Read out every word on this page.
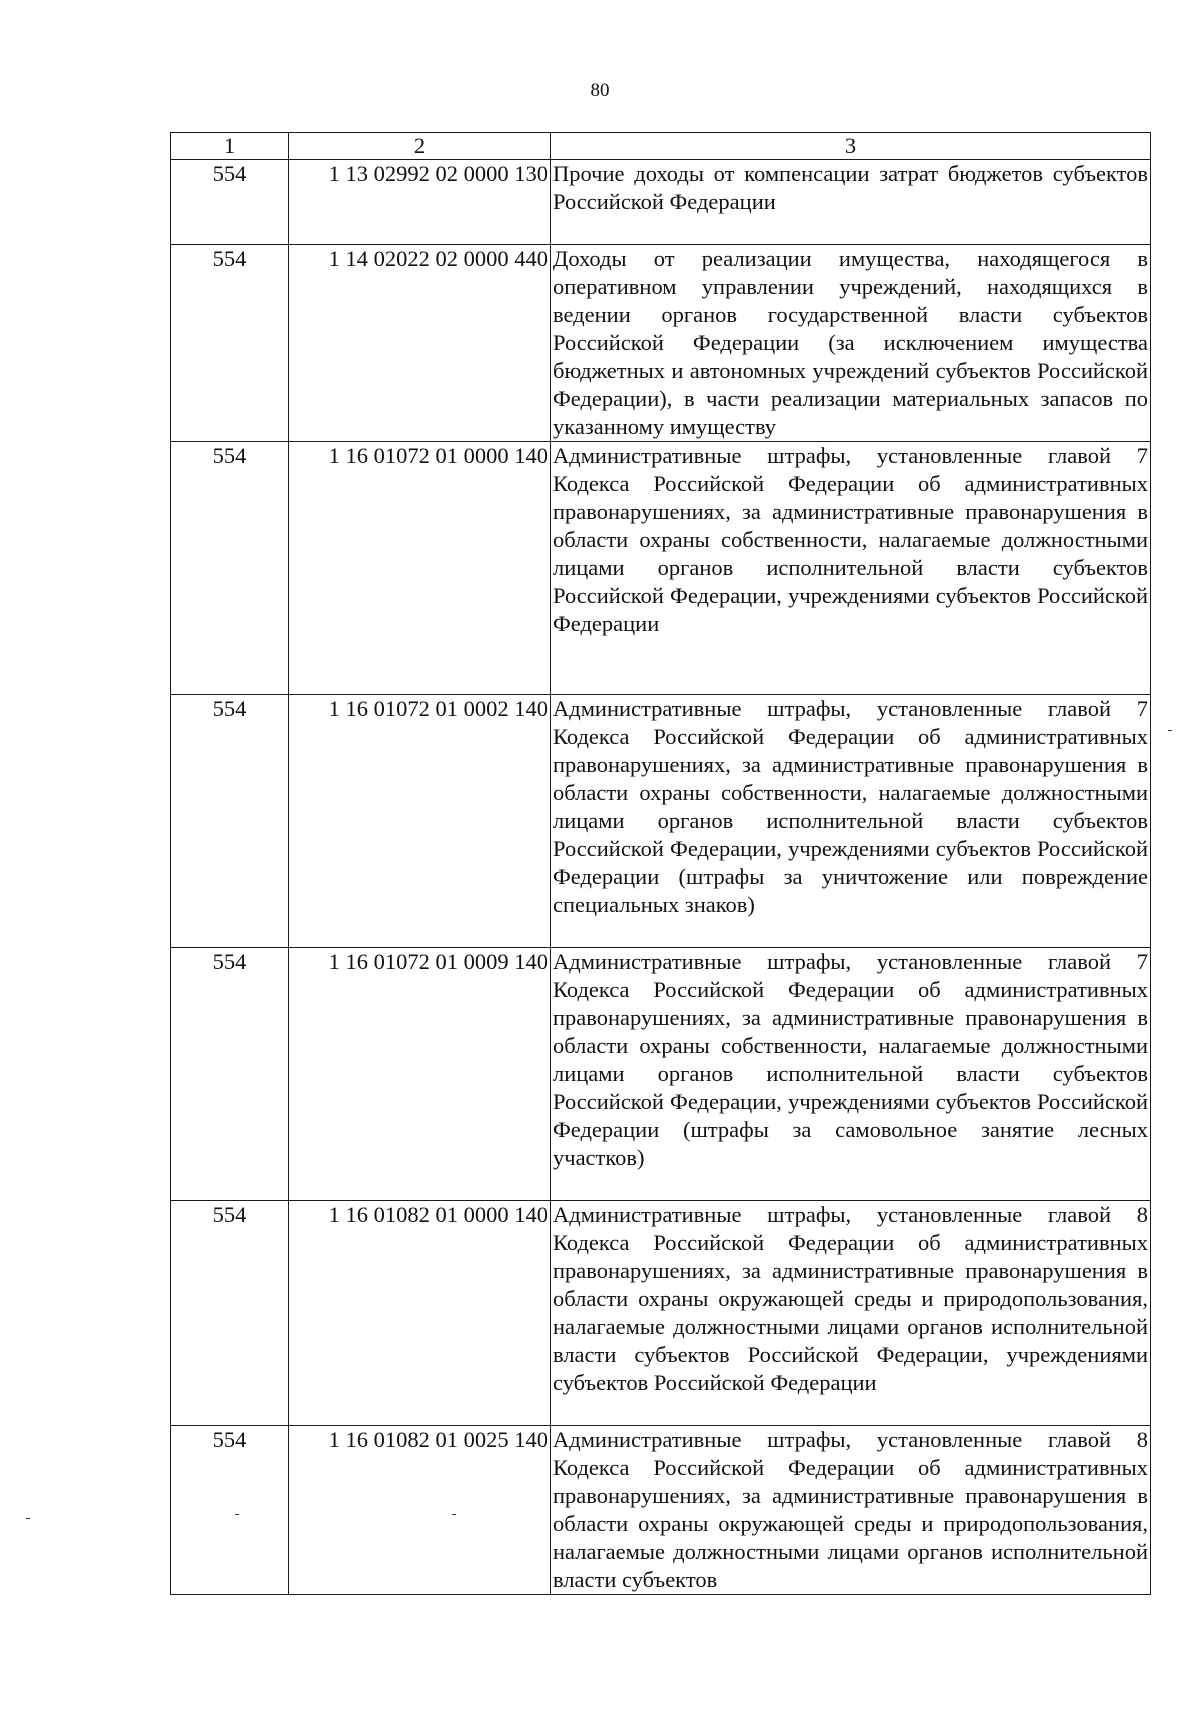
80
1	2	3
554	1 13 02992 02 0000 130	Прочие доходы от компенсации затрат бюджетов субъектов Российской Федерации
554	1 14 02022 02 0000 440	Доходы от реализации имущества, находящегося в оперативном управлении учреждений, находящихся в ведении органов государственной власти субъектов Российской Федерации (за исключением имущества бюджетных и автономных учреждений субъектов Российской Федерации), в части реализации материальных запасов по указанному имуществу
554	1 16 01072 01 0000 140	Административные штрафы, установленные главой 7 Кодекса Российской Федерации об административных правонарушениях, за административные правонарушения в области охраны собственности, налагаемые должностными лицами органов исполнительной власти субъектов Российской Федерации, учреждениями субъектов Российской Федерации
554	1 16 01072 01 0002 140	Административные штрафы, установленные главой 7 Кодекса Российской Федерации об административных правонарушениях, за административные правонарушения в области охраны собственности, налагаемые должностными лицами органов исполнительной власти субъектов Российской Федерации, учреждениями субъектов Российской Федерации (штрафы за уничтожение или повреждение специальных знаков)
554	1 16 01072 01 0009 140	Административные штрафы, установленные главой 7 Кодекса Российской Федерации об административных правонарушениях, за административные правонарушения в области охраны собственности, налагаемые должностными лицами органов исполнительной власти субъектов Российской Федерации, учреждениями субъектов Российской Федерации (штрафы за самовольное занятие лесных участков)
554	1 16 01082 01 0000 140	Административные штрафы, установленные главой 8 Кодекса Российской Федерации об административных правонарушениях, за административные правонарушения в области охраны окружающей среды и природопользования, налагаемые должностными лицами органов исполнительной власти субъектов Российской Федерации, учреждениями субъектов Российской Федерации
554	1 16 01082 01 0025 140	Административные штрафы, установленные главой 8 Кодекса Российской Федерации об административных правонарушениях, за административные правонарушения в области охраны окружающей среды и природопользования, налагаемые должностными лицами органов исполнительной власти субъектов
